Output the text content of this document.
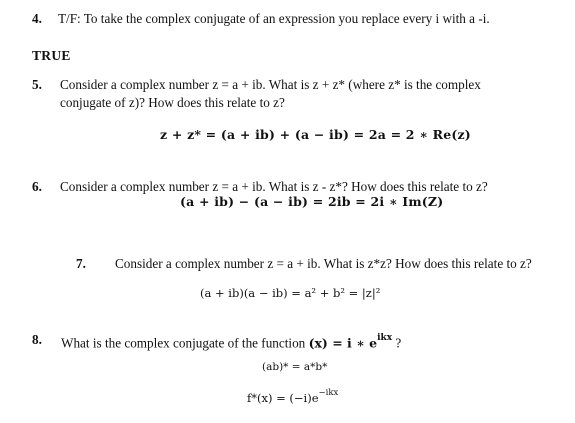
4. T/F: To take the complex conjugate of an expression you replace every i with a -i.
TRUE
5. Consider a complex number z = a + ib. What is z + z* (where z* is the complex
conjugate of z)? How does this relate to z?
z + z* = (a + ib) + (a − ib) = 2a = 2 ∗ Re(z)
6. Consider a complex number z = a + ib. What is z - z*? How does this relate to z?
(a + ib) − (a − ib) = 2ib = 2i ∗ Im(Z)
7. Consider a complex number z = a + ib. What is z*z? How does this relate to z?
(a + ib)(a − ib) = a² + b² = |z|²
8. What is the complex conjugate of the function (x) = i ∗ $e^{ikx}$ ?
(ab)* = a*b*
$f*(x) = (-i)e^{-ikx}$
